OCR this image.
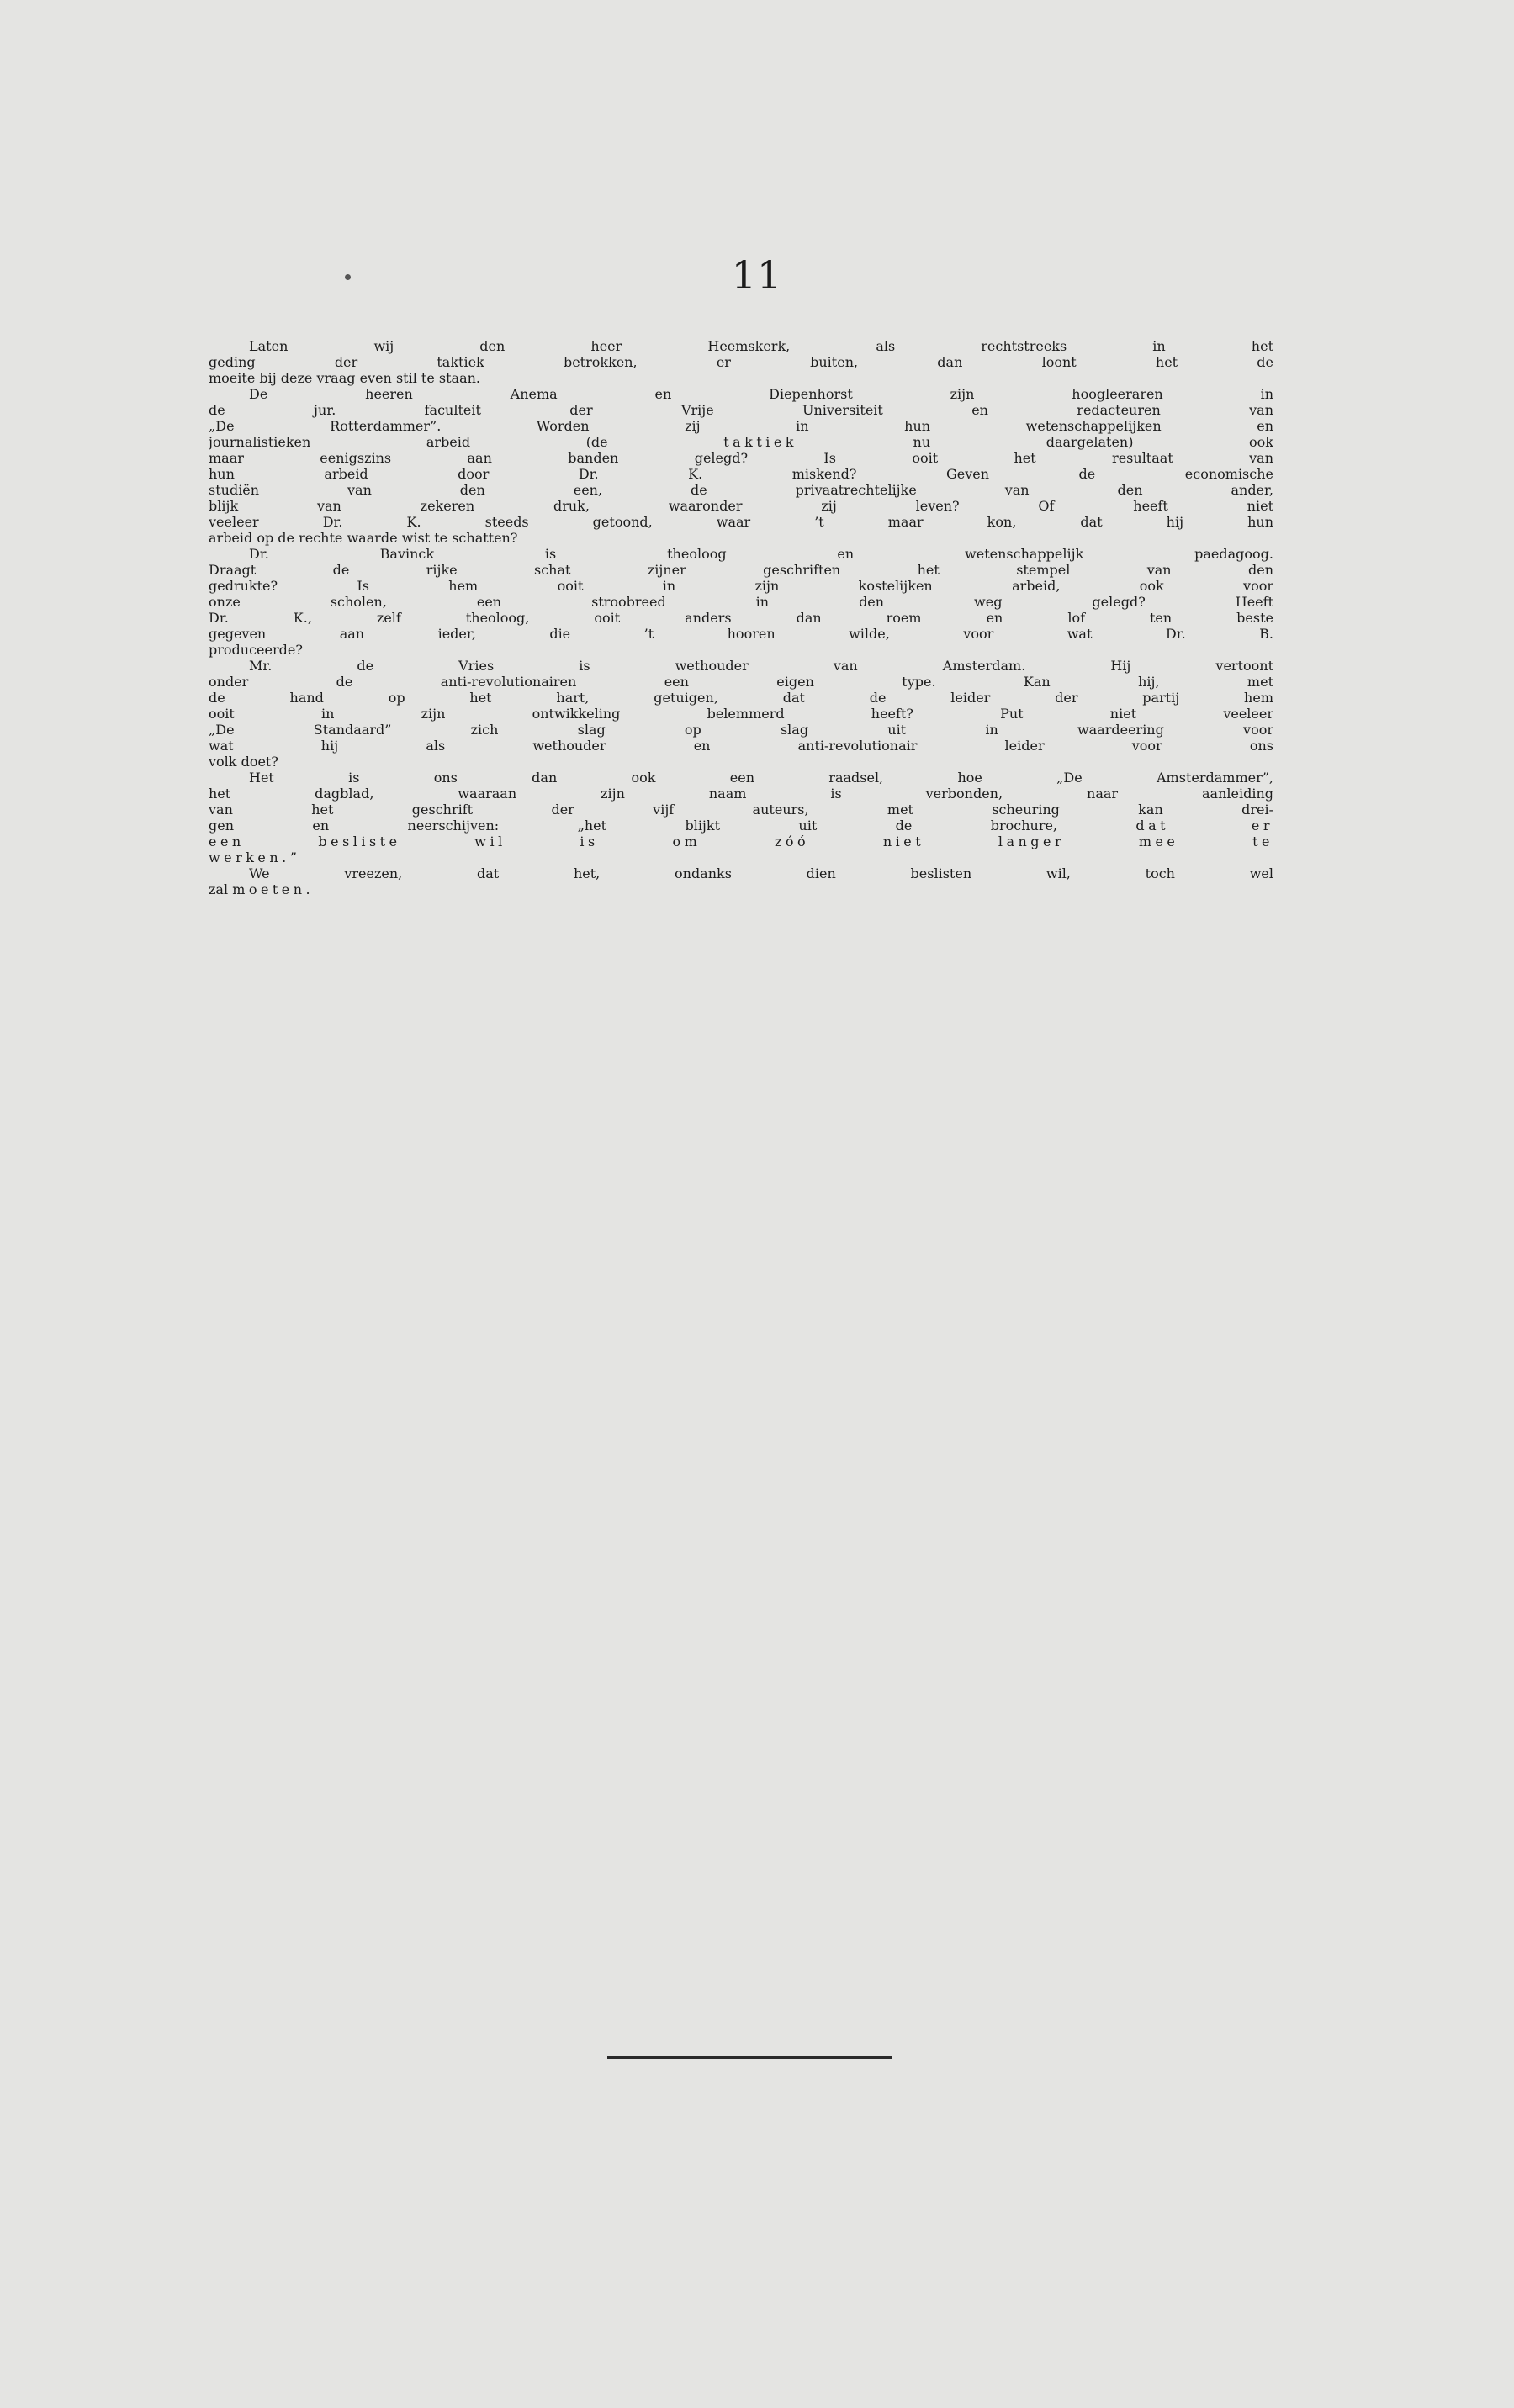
11
Laten wij den heer Heemskerk, als rechtstreeks in het
geding der taktiek betrokken, er buiten, dan loont het de
moeite bij deze vraag even stil te staan.
De heeren Anema en Diepenhorst zijn hoogleeraren in
de jur. faculteit der Vrije Universiteit en redacteuren van
„De Rotterdammer”. Worden zij in hun wetenschappelijken en
journalistieken arbeid (de	taktiek	nu daargelaten) ook
maar eenigszins aan banden gelegd? Is ooit het resultaat van
hun arbeid door Dr. K. miskend? Geven de economische
studiën van den een, de privaatrechtelijke van den ander,
blijk van zekeren druk, waaronder zij leven? Of heeft niet
veeleer Dr. K. steeds getoond, waar ’t maar kon, dat hij hun
arbeid op de rechte waarde wist te schatten?
Dr. Bavinck is theoloog en wetenschappelijk paedagoog.
Draagt de rijke schat zijner geschriften het stempel van den
gedrukte? Is hem ooit in zijn kostelijken arbeid, ook voor
onze scholen, een stroobreed in den weg gelegd? Heeft
Dr. K., zelf theoloog, ooit anders dan roem en lof ten beste
gegeven aan ieder, die ’t hooren wilde, voor wat Dr. B.
produceerde?
Mr. de Vries is wethouder van Amsterdam. Hij vertoont
onder de anti-revolutionairen een eigen type. Kan hij, met
de hand op het hart, getuigen, dat de leider der partij hem
ooit in zijn ontwikkeling belemmerd heeft? Put niet veeleer
„De Standaard” zich slag op slag uit in waardeering voor
wat hij als wethouder en anti-revolutionair leider voor ons
volk doet?
Het is ons dan ook een raadsel, hoe „De Amsterdammer”,
het dagblad, waaraan zijn naam is verbonden, naar aanleiding
van het geschrift der vijf auteurs, met scheuring kan drei-
gen en neerschijven: „het blijkt uit de brochure,	dat er
een besliste wil is om zóó niet langer mee te
werken.”
We vreezen, dat het, ondanks dien beslisten wil, toch wel
zal moeten.
